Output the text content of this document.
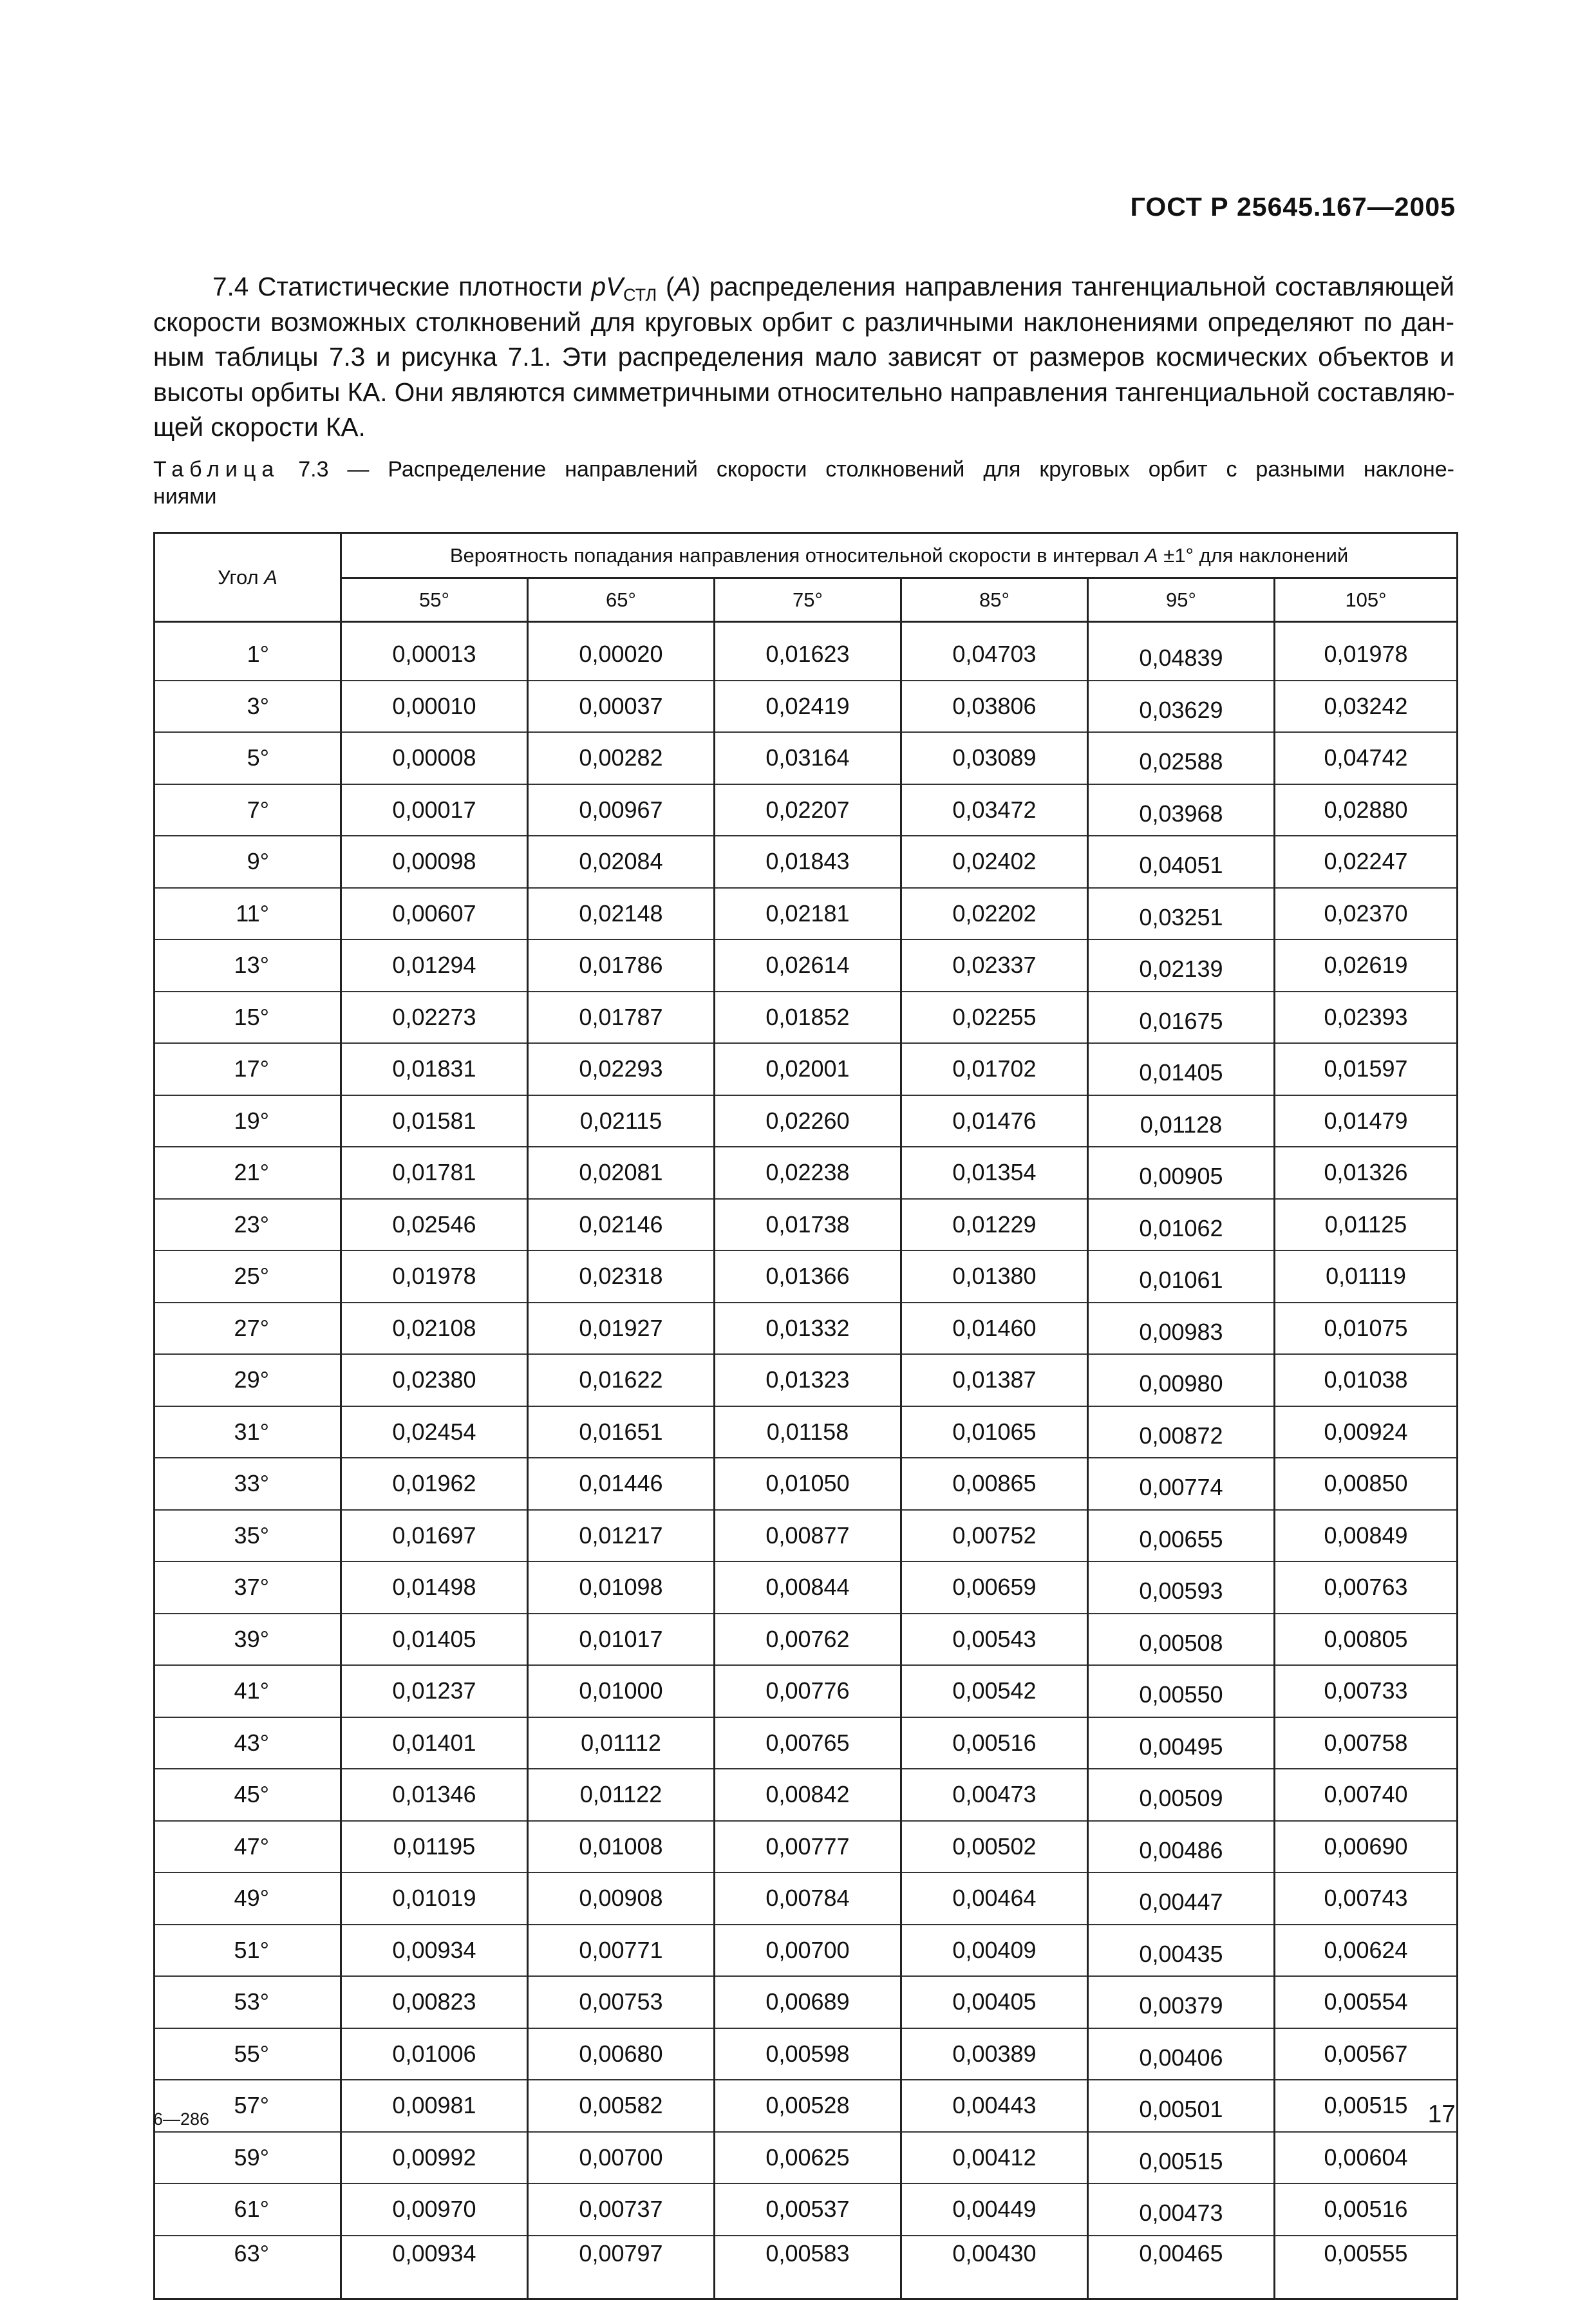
ГОСТ Р 25645.167—2005
7.4 Статистические плотности $pV_{СТЛ}$ (A) распределения направления тангенциальной составляющей
скорости возможных столкновений для круговых орбит с различными наклонениями определяют по дан-
ным таблицы 7.3 и рисунка 7.1. Эти распределения мало зависят от размеров космических объектов и
высоты орбиты КА. Они являются симметричными относительно направления тангенциальной составляю-
щей скорости КА.
Таблица 7.3 — Распределение направлений скорости столкновений для круговых орбит с разными наклоне-
ниями
Угол A	Вероятность попадания направления относительной скорости в интервал A ±1° для наклонений					
	55°	65°	75°	85°	95°	105°

1°	0,00013	0,00020	0,01623	0,04703	0,04839	0,01978
3°	0,00010	0,00037	0,02419	0,03806	0,03629	0,03242
5°	0,00008	0,00282	0,03164	0,03089	0,02588	0,04742
7°	0,00017	0,00967	0,02207	0,03472	0,03968	0,02880
9°	0,00098	0,02084	0,01843	0,02402	0,04051	0,02247
11°	0,00607	0,02148	0,02181	0,02202	0,03251	0,02370
13°	0,01294	0,01786	0,02614	0,02337	0,02139	0,02619
15°	0,02273	0,01787	0,01852	0,02255	0,01675	0,02393
17°	0,01831	0,02293	0,02001	0,01702	0,01405	0,01597
19°	0,01581	0,02115	0,02260	0,01476	0,01128	0,01479
21°	0,01781	0,02081	0,02238	0,01354	0,00905	0,01326
23°	0,02546	0,02146	0,01738	0,01229	0,01062	0,01125
25°	0,01978	0,02318	0,01366	0,01380	0,01061	0,01119
27°	0,02108	0,01927	0,01332	0,01460	0,00983	0,01075
29°	0,02380	0,01622	0,01323	0,01387	0,00980	0,01038
31°	0,02454	0,01651	0,01158	0,01065	0,00872	0,00924
33°	0,01962	0,01446	0,01050	0,00865	0,00774	0,00850
35°	0,01697	0,01217	0,00877	0,00752	0,00655	0,00849
37°	0,01498	0,01098	0,00844	0,00659	0,00593	0,00763
39°	0,01405	0,01017	0,00762	0,00543	0,00508	0,00805
41°	0,01237	0,01000	0,00776	0,00542	0,00550	0,00733
43°	0,01401	0,01112	0,00765	0,00516	0,00495	0,00758
45°	0,01346	0,01122	0,00842	0,00473	0,00509	0,00740
47°	0,01195	0,01008	0,00777	0,00502	0,00486	0,00690
49°	0,01019	0,00908	0,00784	0,00464	0,00447	0,00743
51°	0,00934	0,00771	0,00700	0,00409	0,00435	0,00624
53°	0,00823	0,00753	0,00689	0,00405	0,00379	0,00554
55°	0,01006	0,00680	0,00598	0,00389	0,00406	0,00567
57°	0,00981	0,00582	0,00528	0,00443	0,00501	0,00515
59°	0,00992	0,00700	0,00625	0,00412	0,00515	0,00604
61°	0,00970	0,00737	0,00537	0,00449	0,00473	0,00516
63°	0,00934	0,00797	0,00583	0,00430	0,00465	0,00555
6—286	17
